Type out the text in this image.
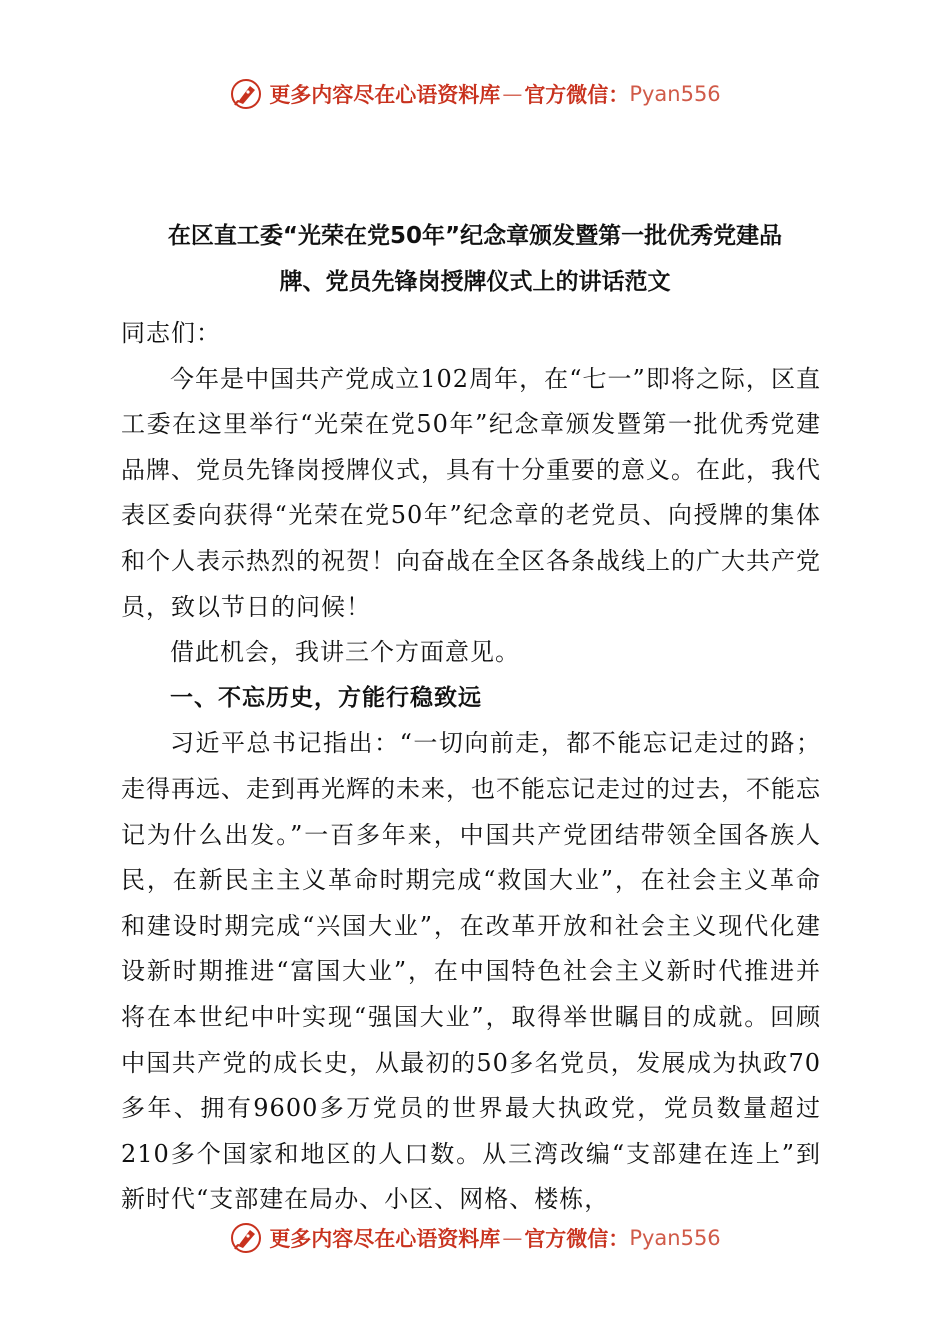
更多内容尽在心语资料库 — 官方微信： Pyan556
在区直工委“光荣在党50年”纪念章颁发暨第一批优秀党建品
牌、党员先锋岗授牌仪式上的讲话范文

同志们：

今年是中国共产党成立102周年，在“七一”即将之际，区直工委在这里举行“光荣在党50年”纪念章颁发暨第一批优秀党建品牌、党员先锋岗授牌仪式，具有十分重要的意义。在此，我代表区委向获得“光荣在党50年”纪念章的老党员、向授牌的集体和个人表示热烈的祝贺！向奋战在全区各条战线上的广大共产党员，致以节日的问候！

借此机会，我讲三个方面意见。

一、不忘历史，方能行稳致远

习近平总书记指出：“一切向前走，都不能忘记走过的路；走得再远、走到再光辉的未来，也不能忘记走过的过去，不能忘记为什么出发。”一百多年来，中国共产党团结带领全国各族人民，在新民主主义革命时期完成“救国大业”，在社会主义革命和建设时期完成“兴国大业”，在改革开放和社会主义现代化建设新时期推进“富国大业”，在中国特色社会主义新时代推进并将在本世纪中叶实现“强国大业”，取得举世瞩目的成就。回顾中国共产党的成长史，从最初的50多名党员，发展成为执政70多年、拥有9600多万党员的世界最大执政党，党员数量超过210多个国家和地区的人口数。从三湾改编“支部建在连上”到新时代“支部建在局办、小区、网格、楼栋，

更多内容尽在心语资料库 — 官方微信： Pyan556
